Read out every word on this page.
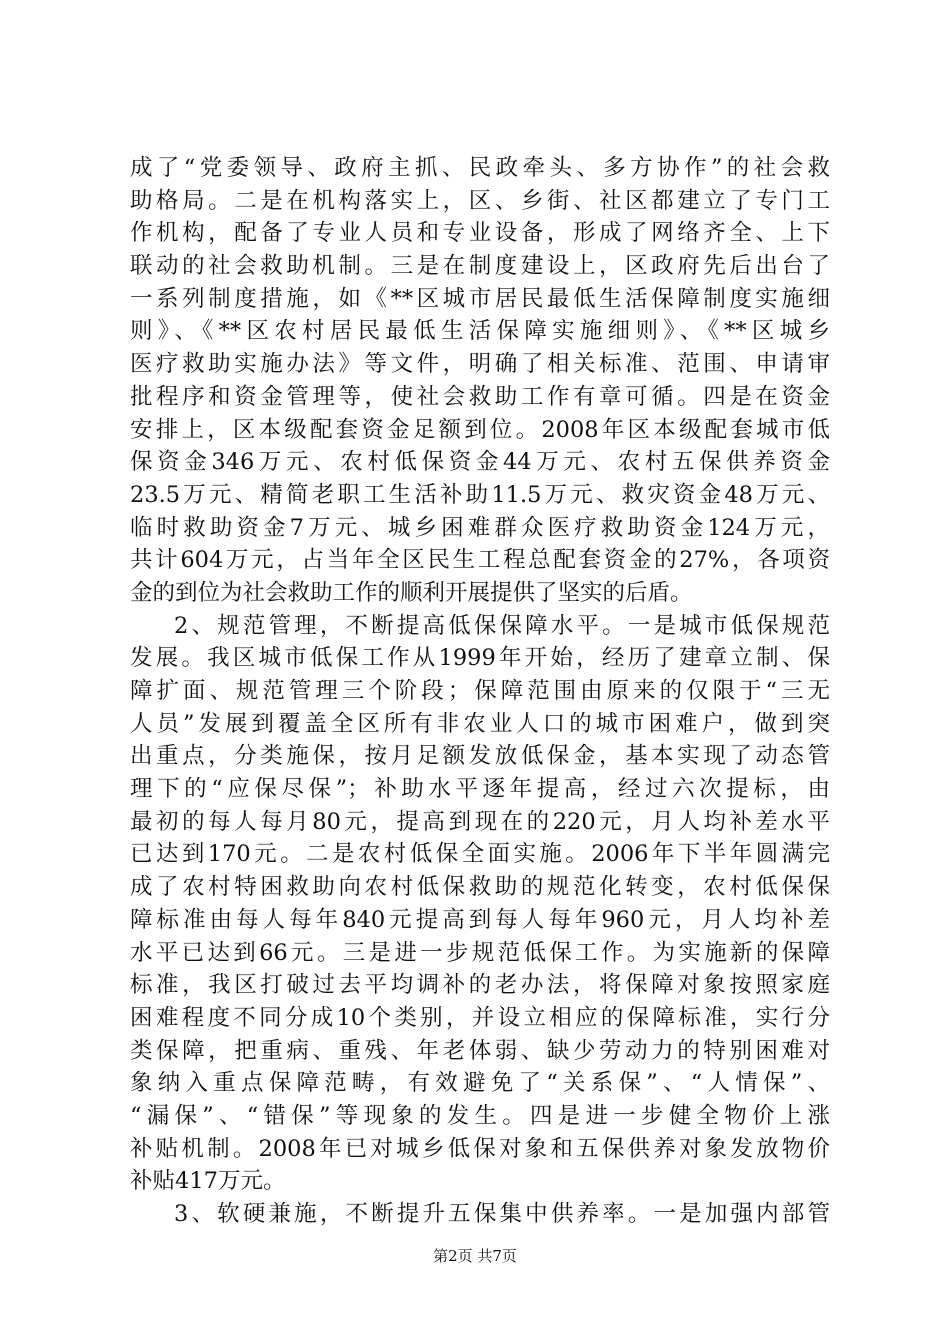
成了“党委领导、政府主抓、民政牵头、多方协作”的社会救
助格局。二是在机构落实上，区、乡街、社区都建立了专门工
作机构，配备了专业人员和专业设备，形成了网络齐全、上下
联动的社会救助机制。三是在制度建设上，区政府先后出台了
一系列制度措施，如《**区城市居民最低生活保障制度实施细
则》、《**区农村居民最低生活保障实施细则》、《**区城乡
医疗救助实施办法》等文件，明确了相关标准、范围、申请审
批程序和资金管理等，使社会救助工作有章可循。四是在资金
安排上，区本级配套资金足额到位。2008年区本级配套城市低
保资金346万元、农村低保资金44万元、农村五保供养资金
23.5万元、精简老职工生活补助11.5万元、救灾资金48万元、
临时救助资金7万元、城乡困难群众医疗救助资金124万元，
共计604万元，占当年全区民生工程总配套资金的27%，各项资
金的到位为社会救助工作的顺利开展提供了坚实的后盾。
2、规范管理，不断提高低保保障水平。一是城市低保规范
发展。我区城市低保工作从1999年开始，经历了建章立制、保
障扩面、规范管理三个阶段；保障范围由原来的仅限于“三无
人员”发展到覆盖全区所有非农业人口的城市困难户，做到突
出重点，分类施保，按月足额发放低保金，基本实现了动态管
理下的“应保尽保”；补助水平逐年提高，经过六次提标，由
最初的每人每月80元，提高到现在的220元，月人均补差水平
已达到170元。二是农村低保全面实施。2006年下半年圆满完
成了农村特困救助向农村低保救助的规范化转变，农村低保保
障标准由每人每年840元提高到每人每年960元，月人均补差
水平已达到66元。三是进一步规范低保工作。为实施新的保障
标准，我区打破过去平均调补的老办法，将保障对象按照家庭
困难程度不同分成10个类别，并设立相应的保障标准，实行分
类保障，把重病、重残、年老体弱、缺少劳动力的特别困难对
象纳入重点保障范畴，有效避免了“关系保”、“人情保”、
“漏保”、“错保”等现象的发生。四是进一步健全物价上涨
补贴机制。2008年已对城乡低保对象和五保供养对象发放物价
补贴417万元。
3、软硬兼施，不断提升五保集中供养率。一是加强内部管
第2页 共7页
